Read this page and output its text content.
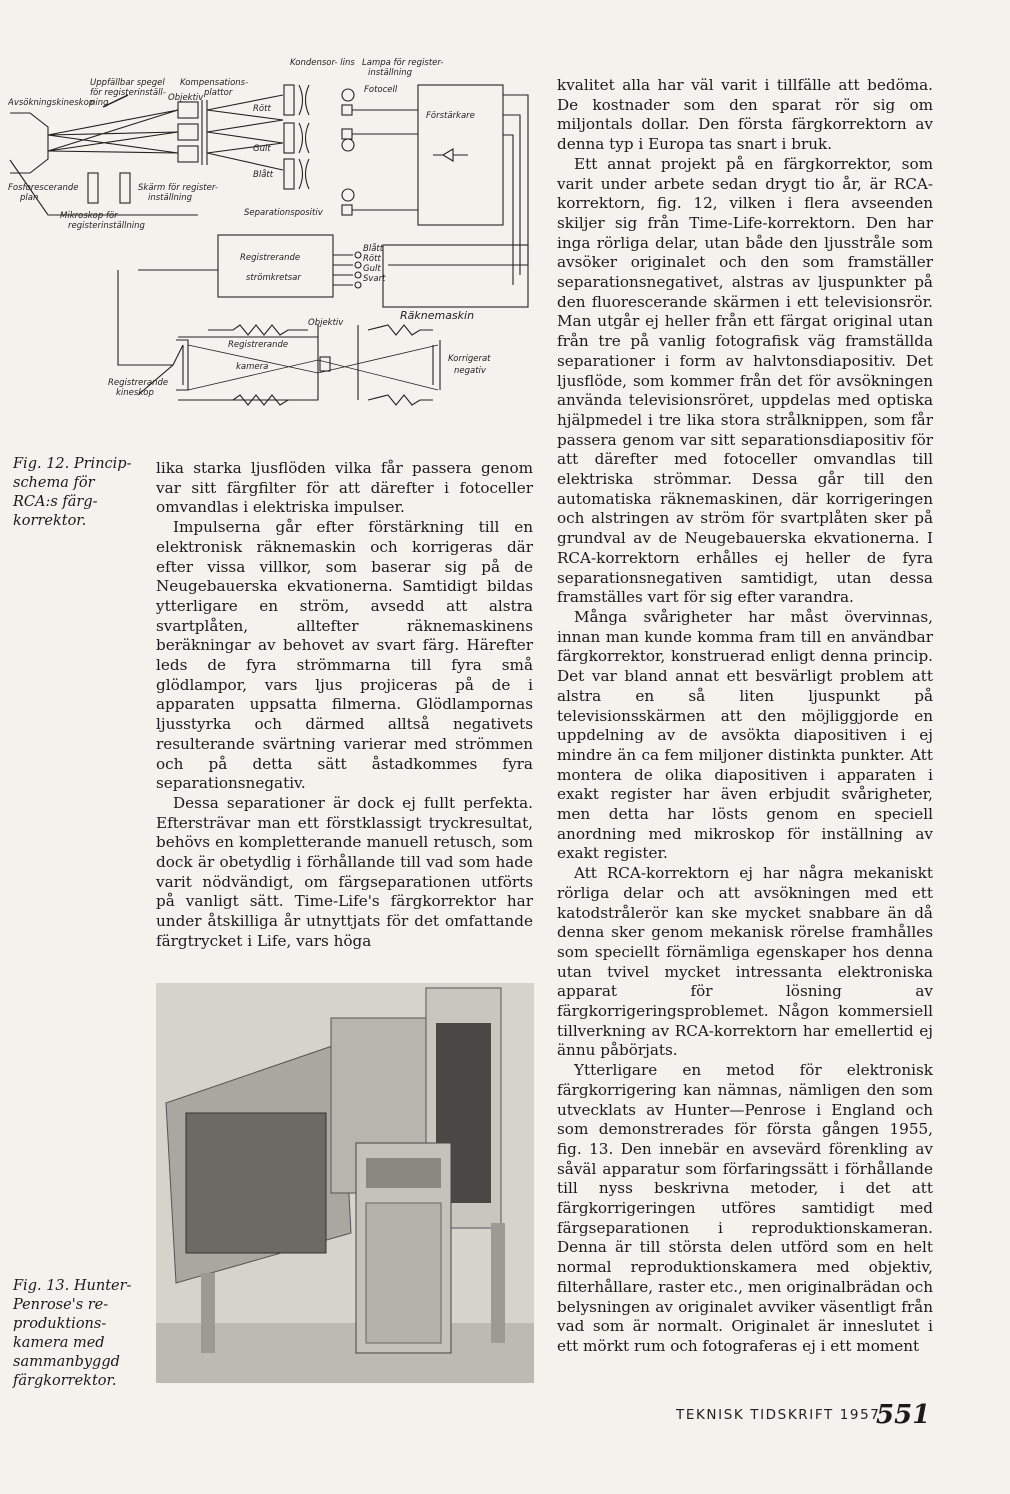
Kondensor- lins Lampa för register-
inställning
Uppfällbar spegel
för registerinställ-
ning
Kompensations-
plattor
Objektiv
Avsökningskineskop
Fotocell
Förstärkare
Rött
Gult
Blått
Fosforescerande
plan
Skärm för register-
inställning
Separationspositiv
Mikroskop för
registerinställning
Registrerande
strömkretsar
Blått
Rött
Gult
Svart
Räknemaskin
Objektiv
Registrerande
kamera
Korrigerat
negativ
Registrerande
kineskop
Fig. 12. Princip-schema för RCA:s färg-korrektor.

lika starka ljusflöden vilka får passera genom var sitt färgfilter för att därefter i fotoceller omvandlas i elektriska impulser.

Impulserna går efter förstärkning till en elektronisk räknemaskin och korrigeras där efter vissa villkor, som baserar sig på de Neugebauerska ekvationerna. Samtidigt bildas ytterligare en ström, avsedd att alstra svartplåten, alltefter räknemaskinens beräkningar av behovet av svart färg. Härefter leds de fyra strömmarna till fyra små glödlampor, vars ljus projiceras på de i apparaten uppsatta filmerna. Glödlampornas ljusstyrka och därmed alltså negativets resulterande svärtning varierar med strömmen och på detta sätt åstadkommes fyra separationsnegativ.

Dessa separationer är dock ej fullt perfekta. Eftersträvar man ett förstklassigt tryckresultat, behövs en kompletterande manuell retusch, som dock är obetydlig i förhållande till vad som hade varit nödvändigt, om färgseparationen utförts på vanligt sätt. Time-Life's färgkorrektor har under åtskilliga år utnyttjats för det omfattande färgtrycket i Life, vars höga

Fig. 13. Hunter-Penrose's re-produktions-kamera med sammanbyggd färgkorrektor.

kvalitet alla har väl varit i tillfälle att bedöma. De kostnader som den sparat rör sig om miljontals dollar. Den första färgkorrektorn av denna typ i Europa tas snart i bruk.

Ett annat projekt på en färgkorrektor, som varit under arbete sedan drygt tio år, är RCA-korrektorn, fig. 12, vilken i flera avseenden skiljer sig från Time-Life-korrektorn. Den har inga rörliga delar, utan både den ljusstråle som avsöker originalet och den som framställer separationsnegativet, alstras av ljuspunkter på den fluorescerande skärmen i ett televisionsrör. Man utgår ej heller från ett färgat original utan från tre på vanlig fotografisk väg framställda separationer i form av halvtonsdiapositiv. Det ljusflöde, som kommer från det för avsökningen använda televisionsröret, uppdelas med optiska hjälpmedel i tre lika stora strålknippen, som får passera genom var sitt separationsdiapositiv för att därefter med fotoceller omvandlas till elektriska strömmar. Dessa går till den automatiska räknemaskinen, där korrigeringen och alstringen av ström för svartplåten sker på grundval av de Neugebauerska ekvationerna. I RCA-korrektorn erhålles ej heller de fyra separationsnegativen samtidigt, utan dessa framställes vart för sig efter varandra.

Många svårigheter har måst övervinnas, innan man kunde komma fram till en användbar färgkorrektor, konstruerad enligt denna princip. Det var bland annat ett besvärligt problem att alstra en så liten ljuspunkt på televisionsskärmen att den möjliggjorde en uppdelning av de avsökta diapositiven i ej mindre än ca fem miljoner distinkta punkter. Att montera de olika diapositiven i apparaten i exakt register har även erbjudit svårigheter, men detta har lösts genom en speciell anordning med mikroskop för inställning av exakt register.

Att RCA-korrektorn ej har några mekaniskt rörliga delar och att avsökningen med ett katodstrålerör kan ske mycket snabbare än då denna sker genom mekanisk rörelse framhålles som speciellt förnämliga egenskaper hos denna utan tvivel mycket intressanta elektroniska apparat för lösning av färgkorrigeringsproblemet. Någon kommersiell tillverkning av RCA-korrektorn har emellertid ej ännu påbörjats.

Ytterligare en metod för elektronisk färgkorrigering kan nämnas, nämligen den som utvecklats av Hunter—Penrose i England och som demonstrerades för första gången 1955, fig. 13. Den innebär en avsevärd förenkling av såväl apparatur som förfaringssätt i förhållande till nyss beskrivna metoder, i det att färgkorrigeringen utföres samtidigt med färgseparationen i reproduktionskameran. Denna är till största delen utförd som en helt normal reproduktionskamera med objektiv, filterhållare, raster etc., men originalbrädan och belysningen av originalet avviker väsentligt från vad som är normalt. Originalet är inneslutet i ett mörkt rum och fotograferas ej i ett moment

TEKNISK TIDSKRIFT 1957
551
